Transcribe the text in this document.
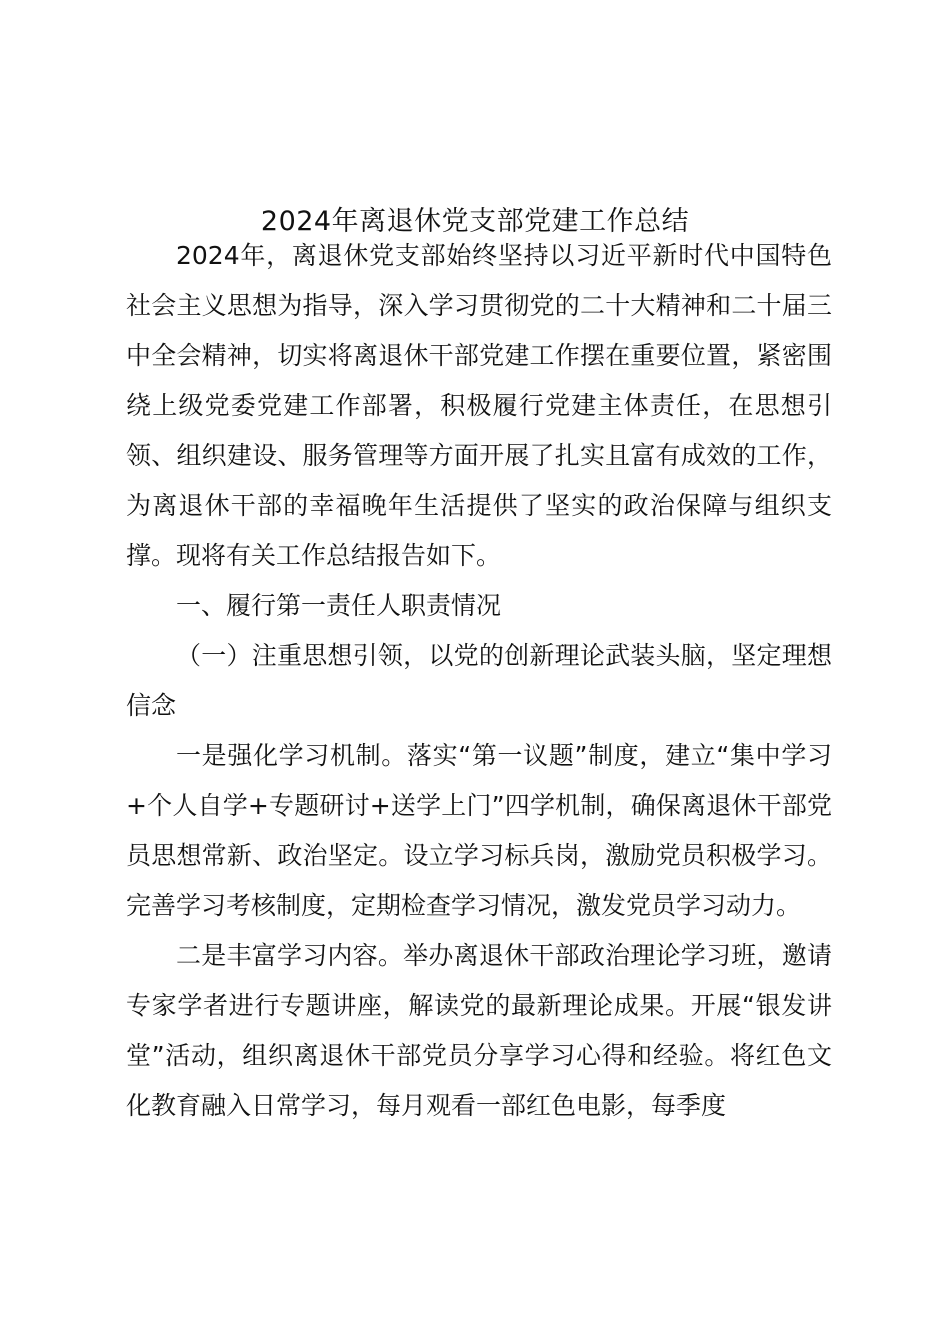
2024年离退休党支部党建工作总结

2024年，离退休党支部始终坚持以习近平新时代中国特色社会主义思想为指导，深入学习贯彻党的二十大精神和二十届三中全会精神，切实将离退休干部党建工作摆在重要位置，紧密围绕上级党委党建工作部署，积极履行党建主体责任，在思想引领、组织建设、服务管理等方面开展了扎实且富有成效的工作，为离退休干部的幸福晚年生活提供了坚实的政治保障与组织支撑。现将有关工作总结报告如下。

一、履行第一责任人职责情况

（一）注重思想引领，以党的创新理论武装头脑，坚定理想信念

一是强化学习机制。落实“第一议题”制度，建立“集中学习+个人自学+专题研讨+送学上门”四学机制，确保离退休干部党员思想常新、政治坚定。设立学习标兵岗，激励党员积极学习。完善学习考核制度，定期检查学习情况，激发党员学习动力。

二是丰富学习内容。举办离退休干部政治理论学习班，邀请专家学者进行专题讲座，解读党的最新理论成果。开展“银发讲堂”活动，组织离退休干部党员分享学习心得和经验。将红色文化教育融入日常学习，每月观看一部红色电影，每季度
